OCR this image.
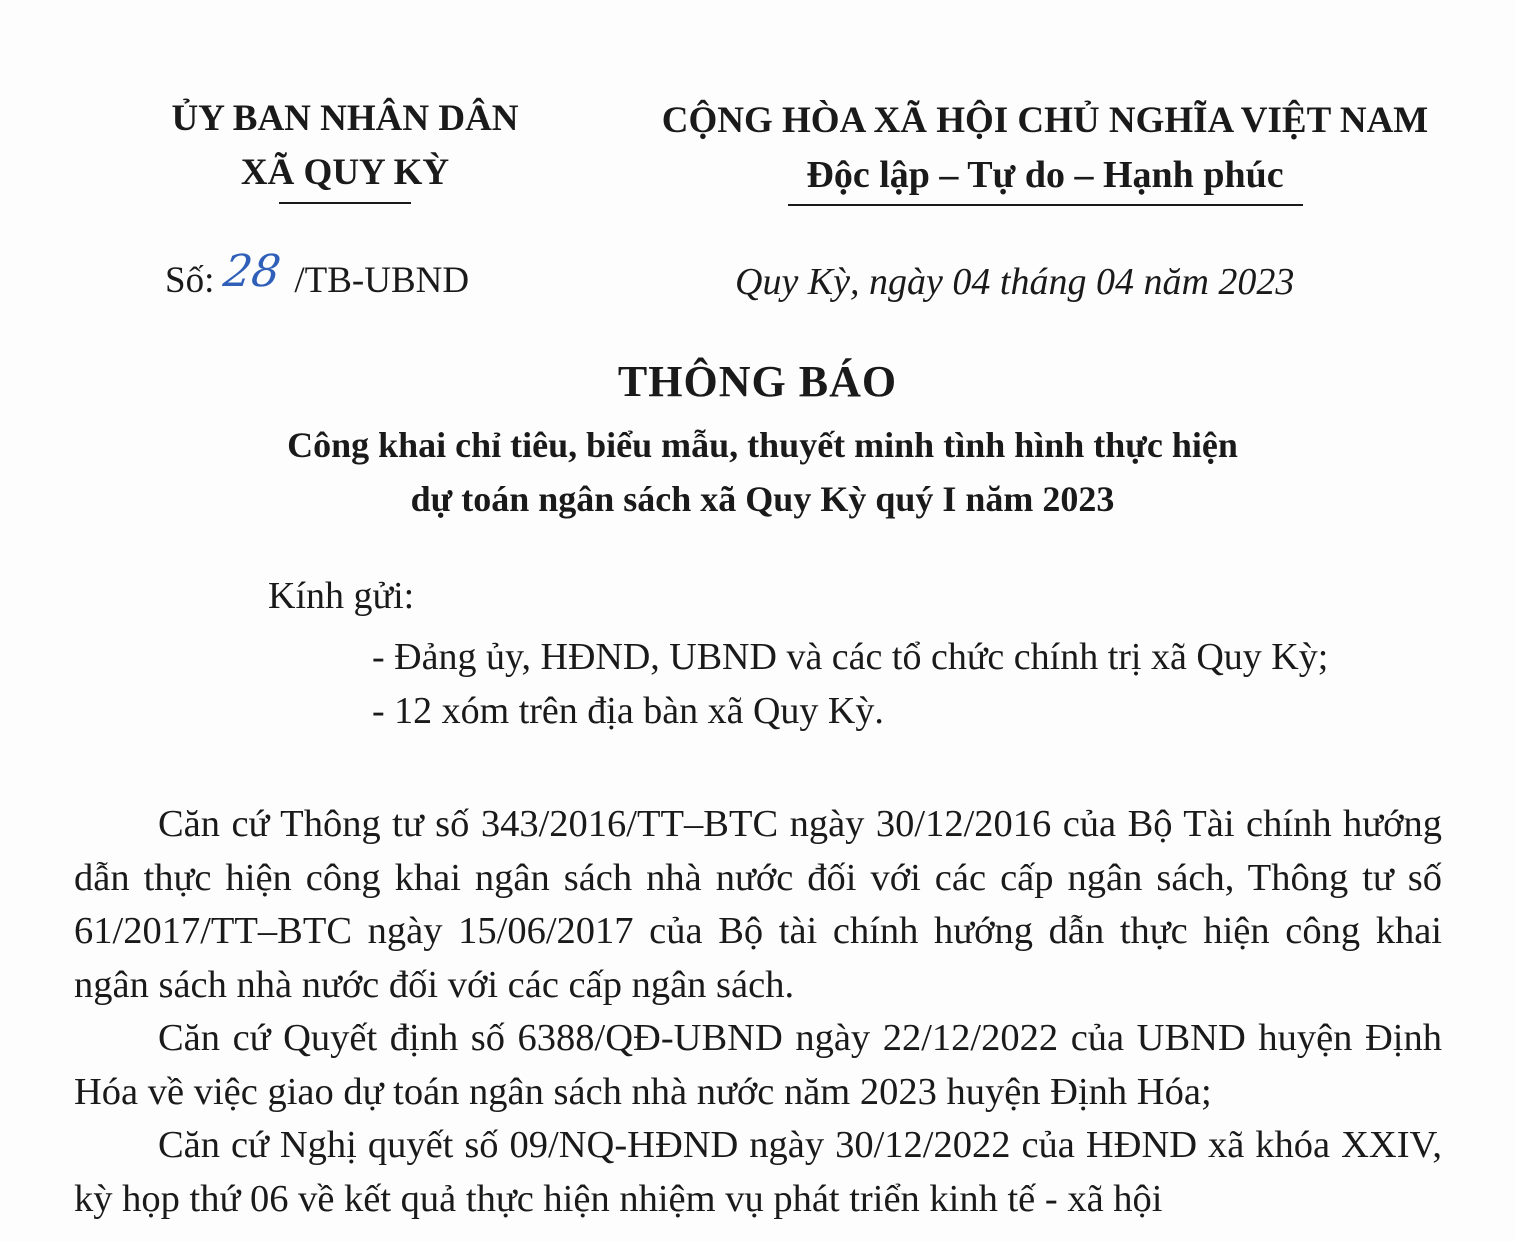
ỦY BAN NHÂN DÂN
XÃ QUY KỲ
CỘNG HÒA XÃ HỘI CHỦ NGHĨA VIỆT NAM
Độc lập – Tự do – Hạnh phúc
Số: 28 /TB-UBND	Quy Kỳ, ngày 04 tháng 04 năm 2023
THÔNG BÁO
Công khai chỉ tiêu, biểu mẫu, thuyết minh tình hình thực hiện
dự toán ngân sách xã Quy Kỳ quý I năm 2023
Kính gửi:
- Đảng ủy, HĐND, UBND và các tổ chức chính trị xã Quy Kỳ;
- 12 xóm trên địa bàn xã Quy Kỳ.

Căn cứ Thông tư số 343/2016/TT–BTC ngày 30/12/2016 của Bộ Tài chính hướng dẫn thực hiện công khai ngân sách nhà nước đối với các cấp ngân sách, Thông tư số 61/2017/TT–BTC ngày 15/06/2017 của Bộ tài chính hướng dẫn thực hiện công khai ngân sách nhà nước đối với các cấp ngân sách.

Căn cứ Quyết định số 6388/QĐ-UBND ngày 22/12/2022 của UBND huyện Định Hóa về việc giao dự toán ngân sách nhà nước năm 2023 huyện Định Hóa;

Căn cứ Nghị quyết số 09/NQ-HĐND ngày 30/12/2022 của HĐND xã khóa XXIV, kỳ họp thứ 06 về kết quả thực hiện nhiệm vụ phát triển kinh tế - xã hội
